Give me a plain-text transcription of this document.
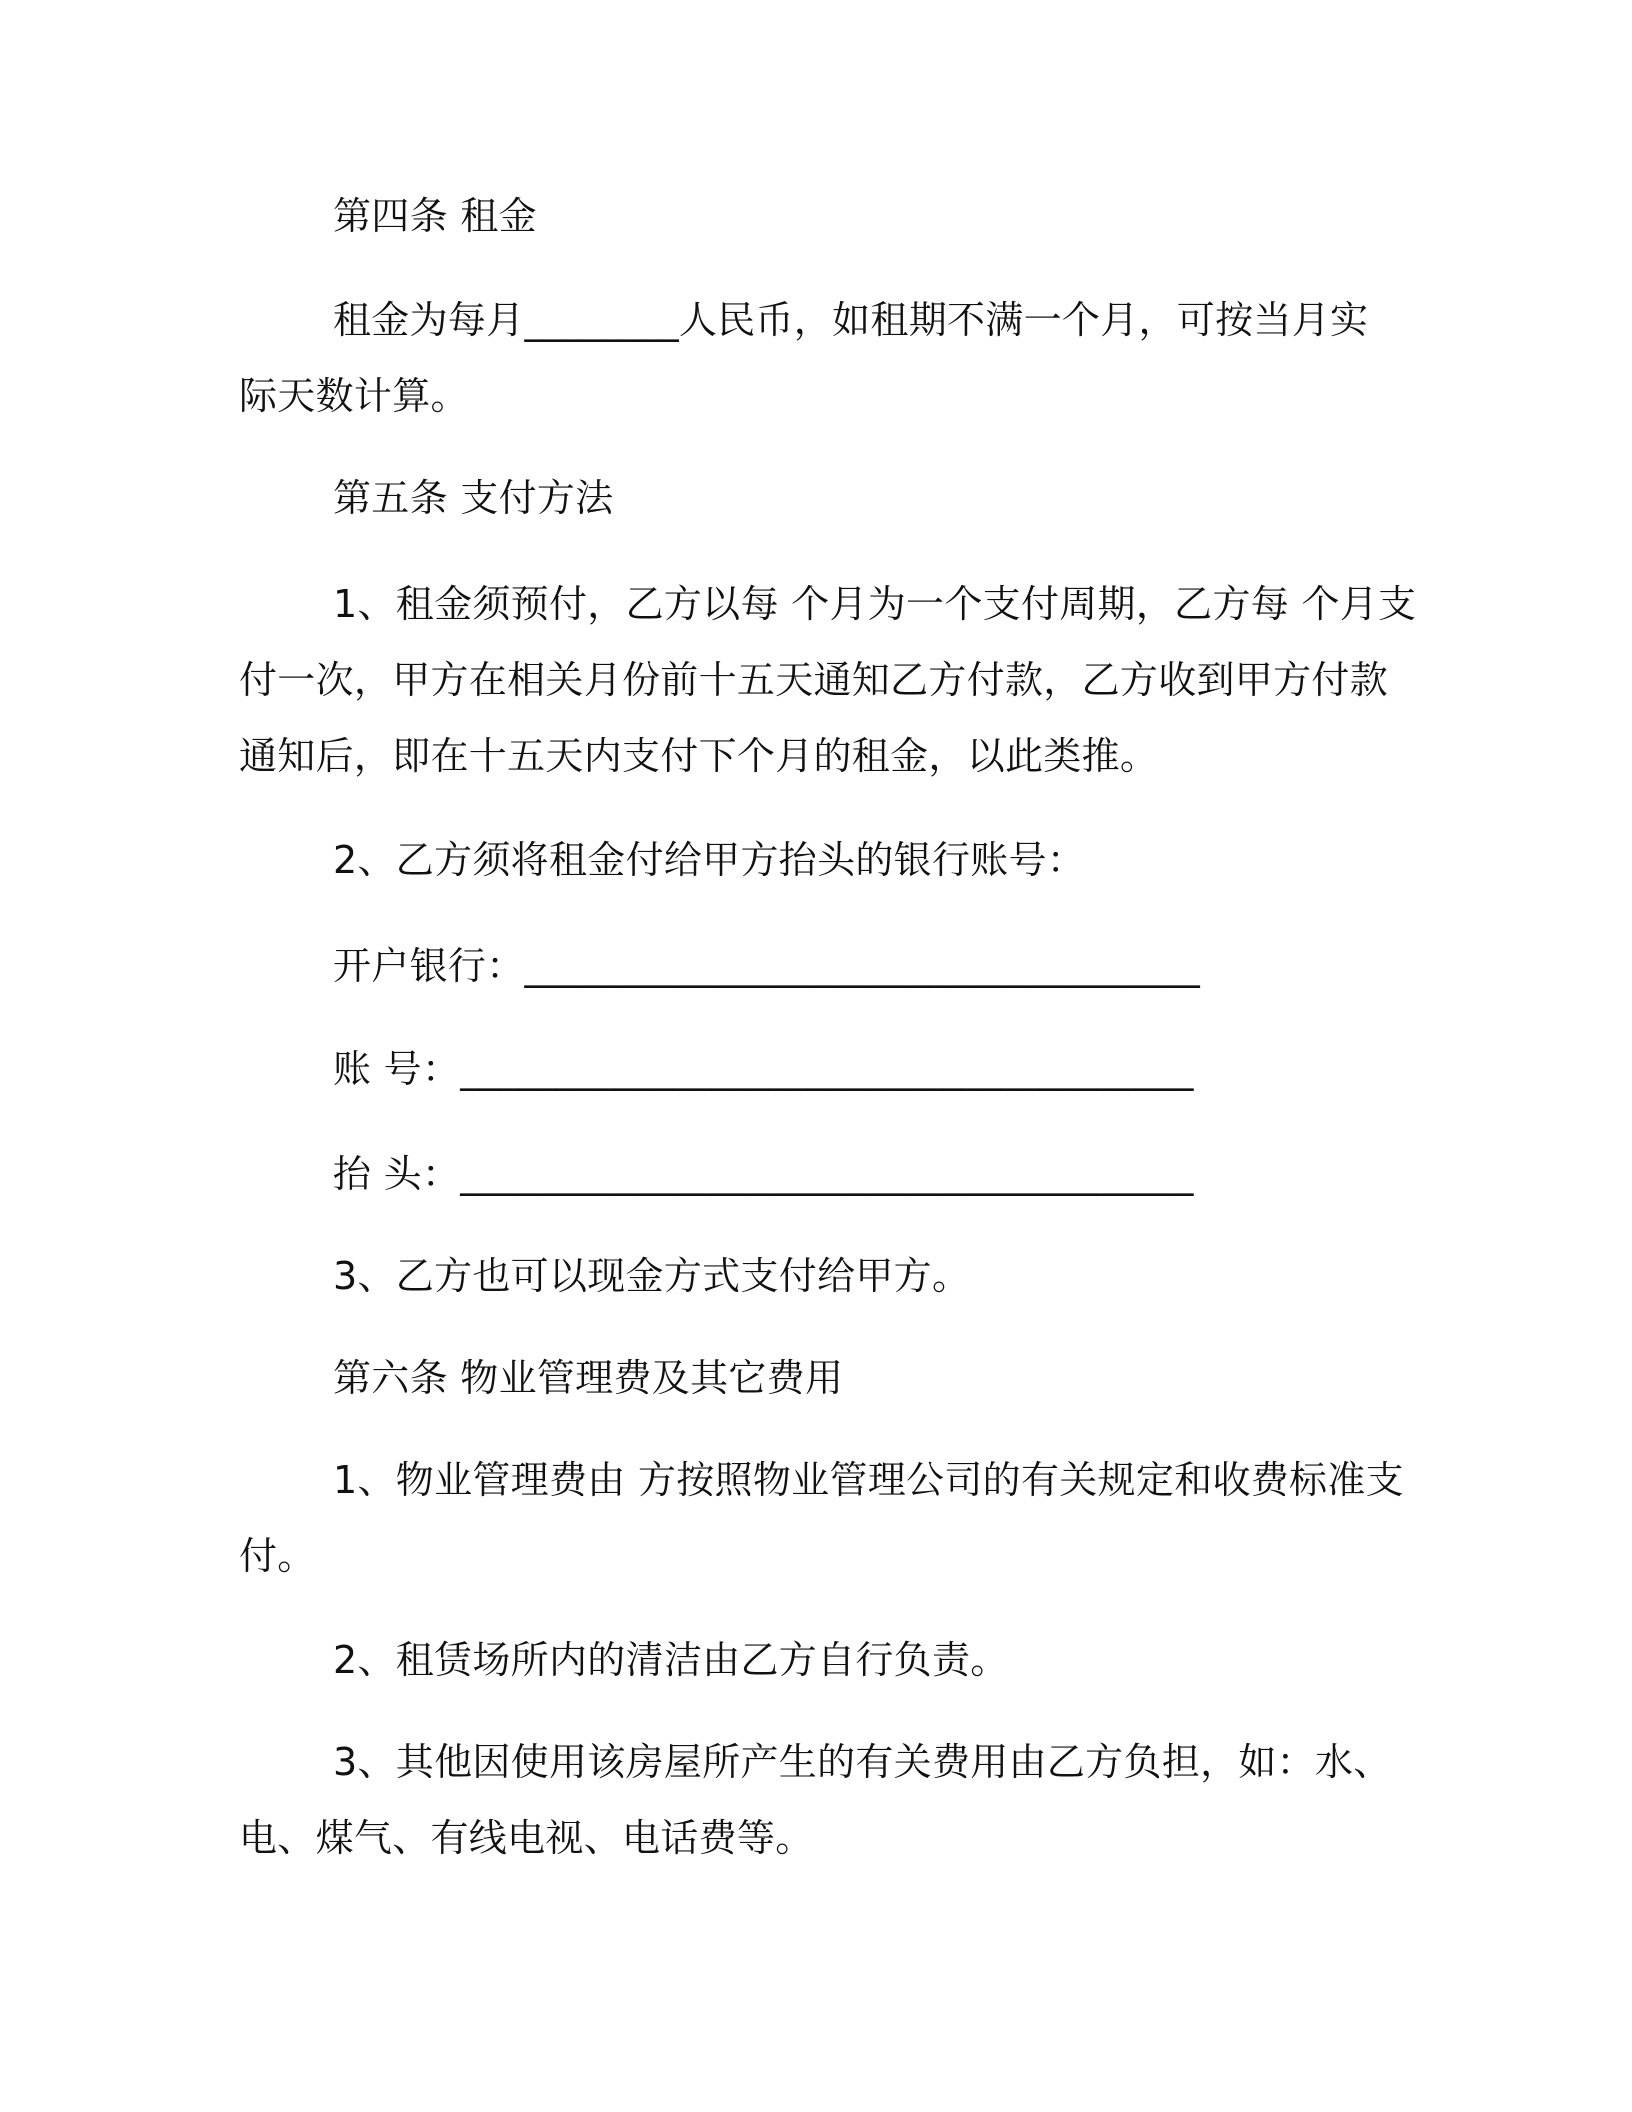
第四条 租金

租金为每月________人民币，如租期不满一个月，可按当月实

际天数计算。

第五条 支付方法

1、租金须预付，乙方以每 个月为一个支付周期，乙方每 个月支

付一次，甲方在相关月份前十五天通知乙方付款，乙方收到甲方付款

通知后，即在十五天内支付下个月的租金，以此类推。

2、乙方须将租金付给甲方抬头的银行账号：

开户银行：___________________________________

账 号：______________________________________

抬 头：______________________________________

3、乙方也可以现金方式支付给甲方。

第六条 物业管理费及其它费用

1、物业管理费由 方按照物业管理公司的有关规定和收费标准支

付。

2、租赁场所内的清洁由乙方自行负责。

3、其他因使用该房屋所产生的有关费用由乙方负担，如：水、

电、煤气、有线电视、电话费等。
